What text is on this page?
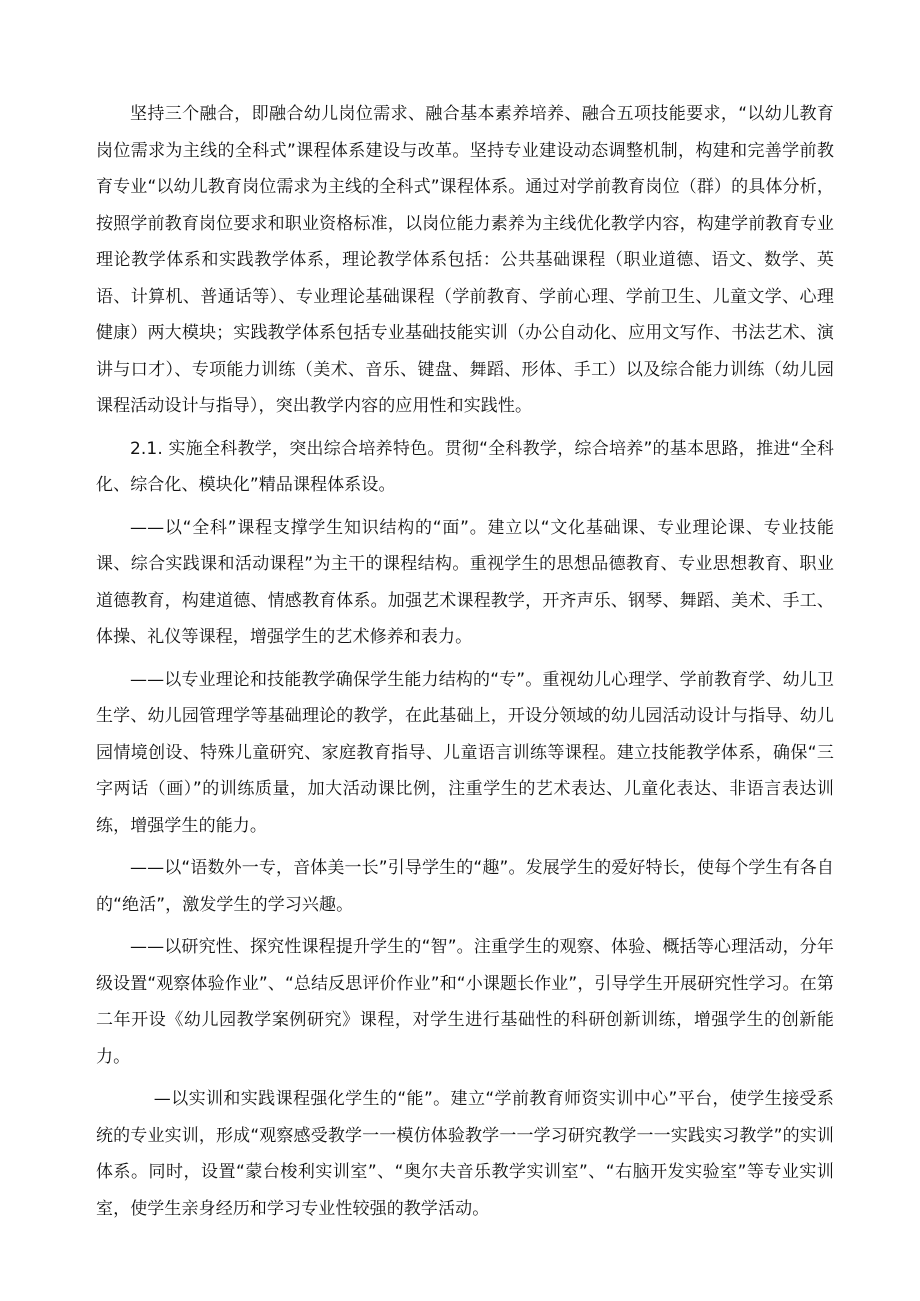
坚持三个融合，即融合幼儿岗位需求、融合基本素养培养、融合五项技能要求，“以幼儿教育岗位需求为主线的全科式”课程体系建设与改革。坚持专业建设动态调整机制，构建和完善学前教育专业“以幼儿教育岗位需求为主线的全科式”课程体系。通过对学前教育岗位（群）的具体分析，按照学前教育岗位要求和职业资格标准，以岗位能力素养为主线优化教学内容，构建学前教育专业理论教学体系和实践教学体系，理论教学体系包括：公共基础课程（职业道德、语文、数学、英语、计算机、普通话等）、专业理论基础课程（学前教育、学前心理、学前卫生、儿童文学、心理健康）两大模块；实践教学体系包括专业基础技能实训（办公自动化、应用文写作、书法艺术、演讲与口才）、专项能力训练（美术、音乐、键盘、舞蹈、形体、手工）以及综合能力训练（幼儿园课程活动设计与指导），突出教学内容的应用性和实践性。

2.1. 实施全科教学，突出综合培养特色。贯彻“全科教学，综合培养”的基本思路，推进“全科化、综合化、模块化”精品课程体系设。

——以“全科”课程支撑学生知识结构的“面”。建立以“文化基础课、专业理论课、专业技能课、综合实践课和活动课程”为主干的课程结构。重视学生的思想品德教育、专业思想教育、职业道德教育，构建道德、情感教育体系。加强艺术课程教学，开齐声乐、钢琴、舞蹈、美术、手工、体操、礼仪等课程，增强学生的艺术修养和表力。

——以专业理论和技能教学确保学生能力结构的“专”。重视幼儿心理学、学前教育学、幼儿卫生学、幼儿园管理学等基础理论的教学，在此基础上，开设分领域的幼儿园活动设计与指导、幼儿园情境创设、特殊儿童研究、家庭教育指导、儿童语言训练等课程。建立技能教学体系，确保“三字两话（画）”的训练质量，加大活动课比例，注重学生的艺术表达、儿童化表达、非语言表达训练，增强学生的能力。

——以“语数外一专，音体美一长”引导学生的“趣”。发展学生的爱好特长，使每个学生有各自的“绝活”，激发学生的学习兴趣。

——以研究性、探究性课程提升学生的“智”。注重学生的观察、体验、概括等心理活动，分年级设置“观察体验作业”、“总结反思评价作业”和“小课题长作业”，引导学生开展研究性学习。在第二年开设《幼儿园教学案例研究》课程，对学生进行基础性的科研创新训练，增强学生的创新能力。

—以实训和实践课程强化学生的“能”。建立“学前教育师资实训中心”平台，使学生接受系统的专业实训，形成“观察感受教学一一模仿体验教学一一学习研究教学一一实践实习教学”的实训体系。同时，设置“蒙台梭利实训室”、“奥尔夫音乐教学实训室”、“右脑开发实验室”等专业实训室，使学生亲身经历和学习专业性较强的教学活动。
